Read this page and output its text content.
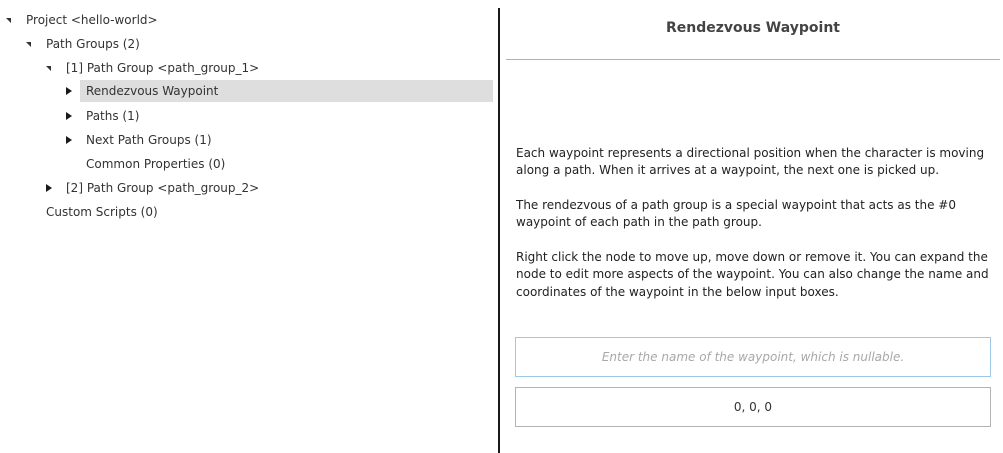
Project <hello-world>
Path Groups (2)
[1] Path Group <path_group_1>
Rendezvous Waypoint
Paths (1)
Next Path Groups (1)
Common Properties (0)
[2] Path Group <path_group_2>
Custom Scripts (0)
Rendezvous Waypoint
Each waypoint represents a directional position when the character is moving along a path. When it arrives at a waypoint, the next one is picked up.
The rendezvous of a path group is a special waypoint that acts as the #0 waypoint of each path in the path group.
Right click the node to move up, move down or remove it. You can expand the node to edit more aspects of the waypoint. You can also change the name and coordinates of the waypoint in the below input boxes.
Enter the name of the waypoint, which is nullable.
0, 0, 0
